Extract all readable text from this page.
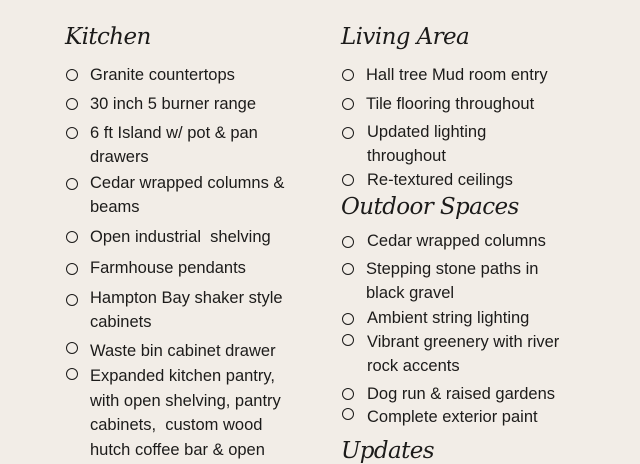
Kitchen
Granite countertops
30 inch 5 burner range
6 ft Island w/ pot & pan
drawers
Cedar wrapped columns &
beams
Open industrial  shelving
Farmhouse pendants
Hampton Bay shaker style
cabinets
Waste bin cabinet drawer
Expanded kitchen pantry,
with open shelving, pantry
cabinets,  custom wood
hutch coffee bar & open
Living Area
Hall tree Mud room entry
Tile flooring throughout
Updated lighting
throughout
Re-textured ceilings
Outdoor Spaces
Cedar wrapped columns
Stepping stone paths in
black gravel
Ambient string lighting
Vibrant greenery with river
rock accents
Dog run & raised gardens
Complete exterior paint
Updates
